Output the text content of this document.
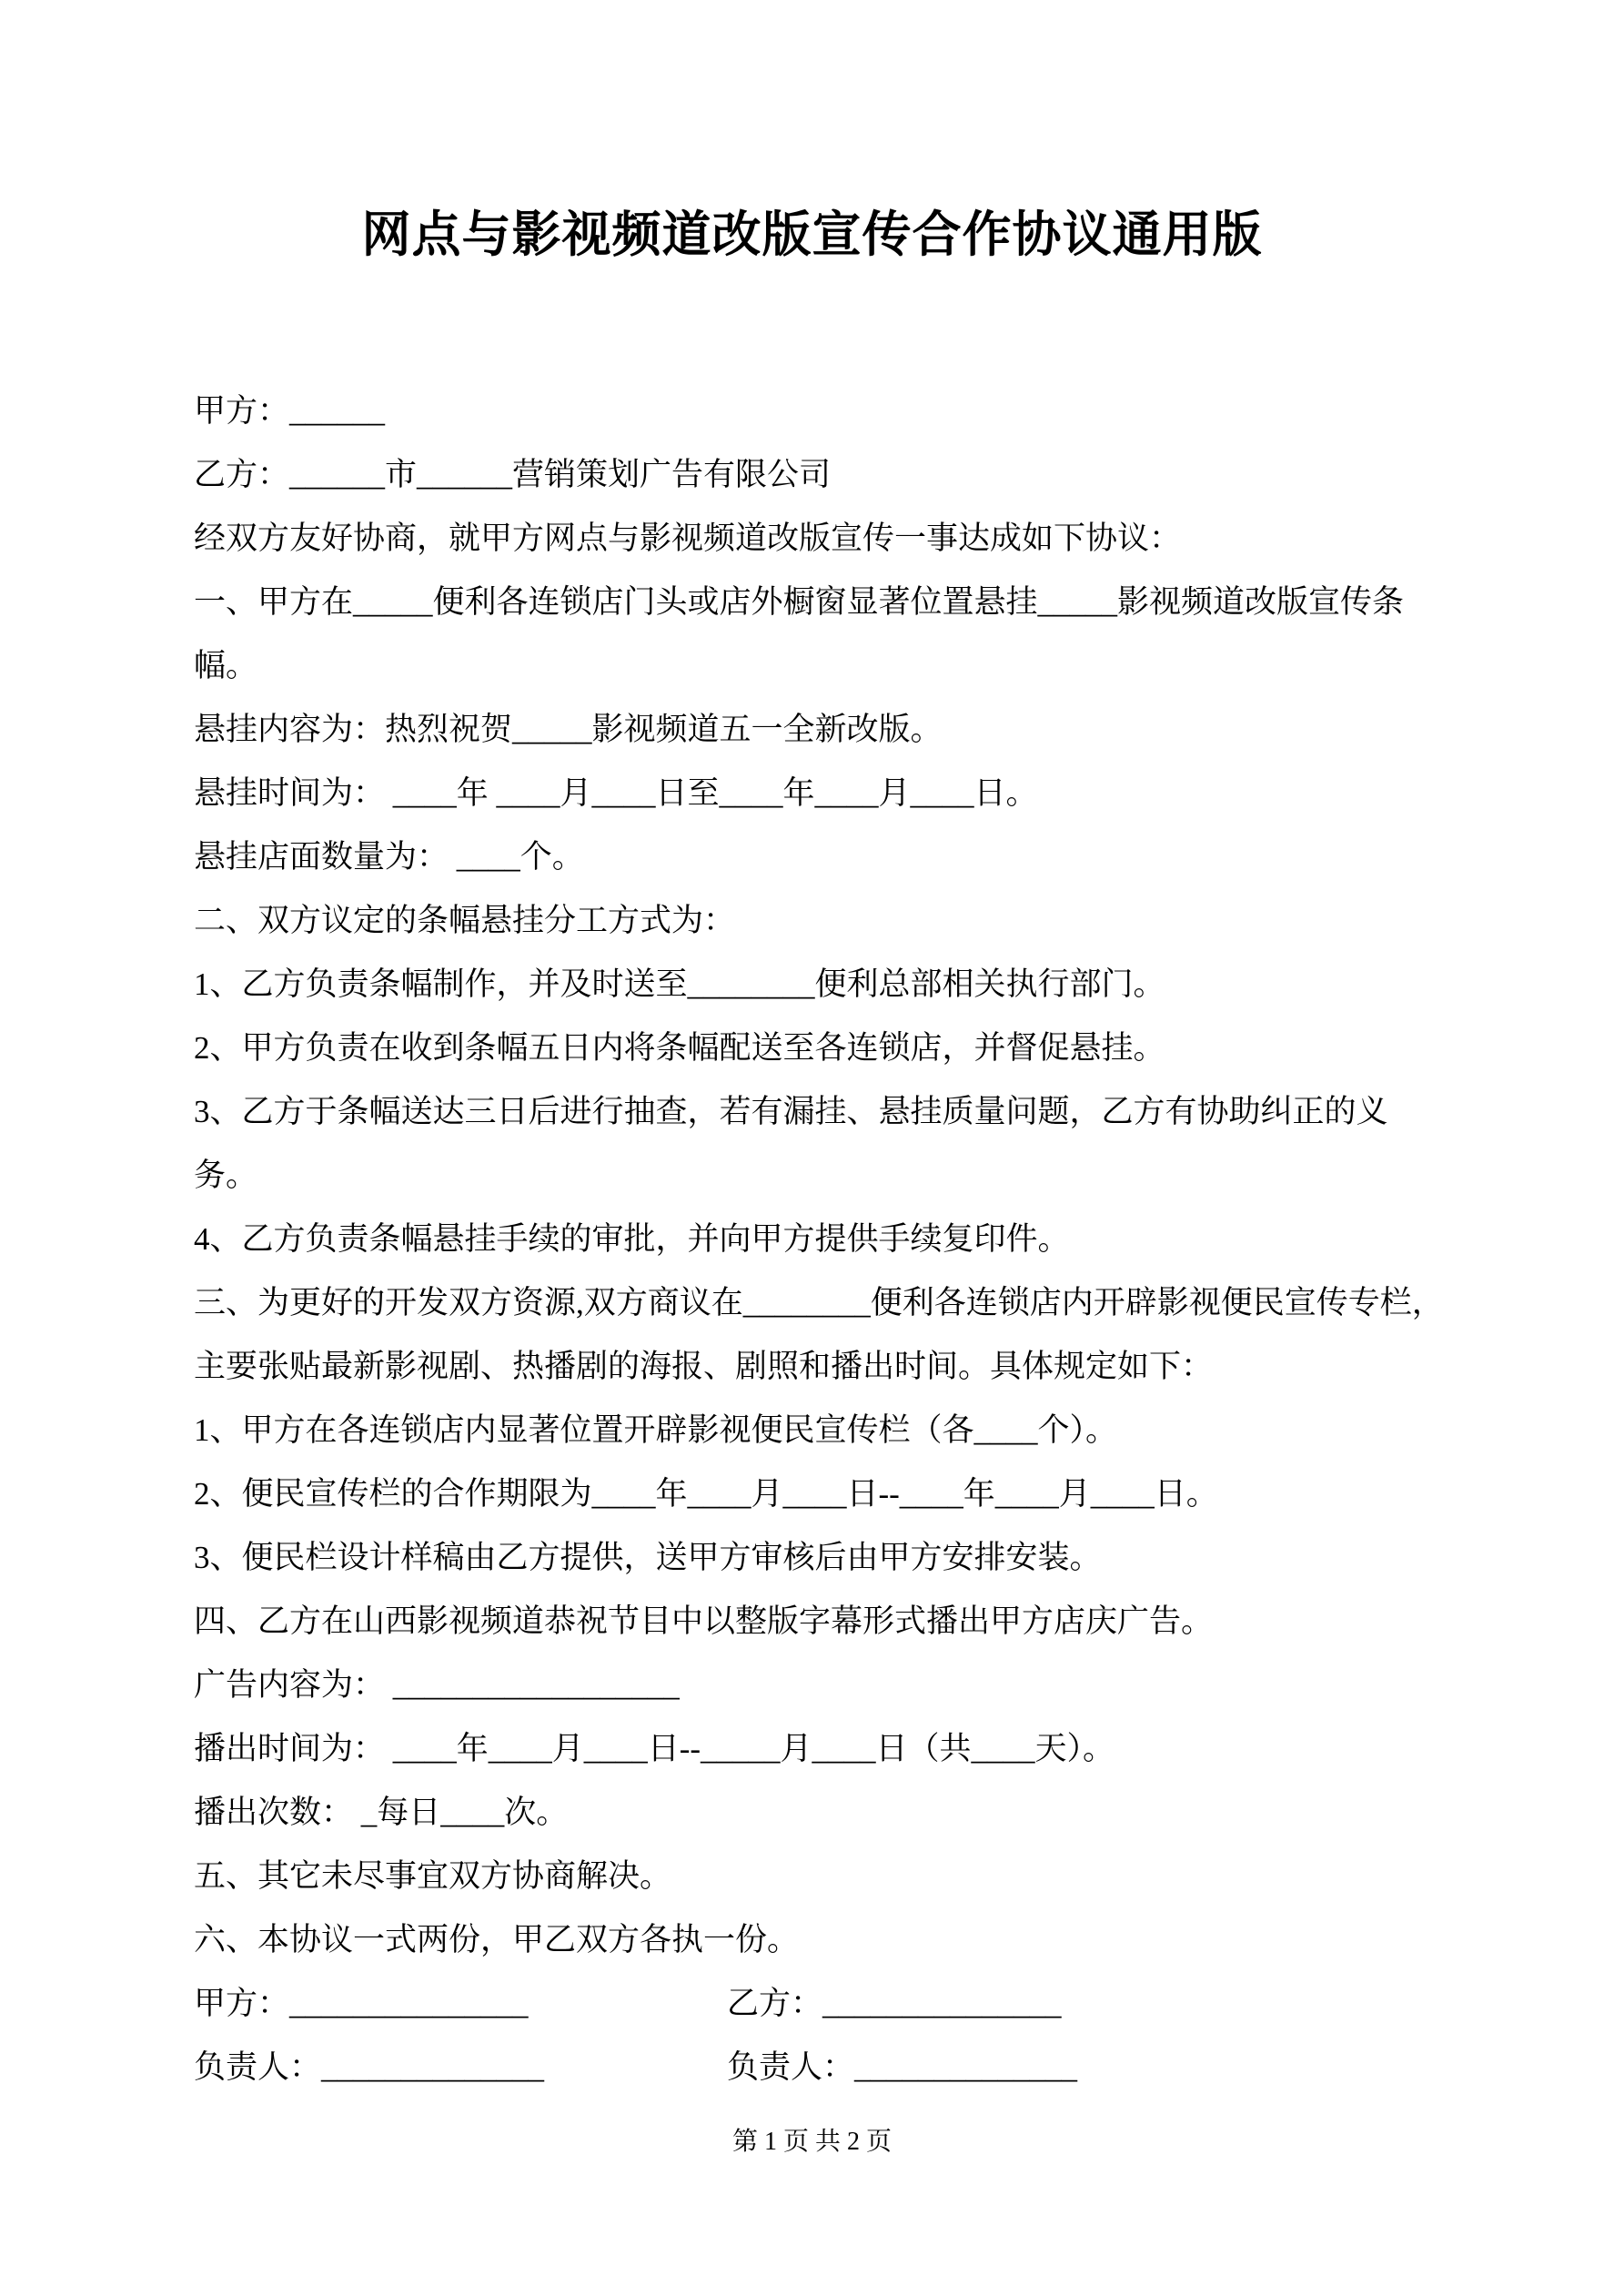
网点与影视频道改版宣传合作协议通用版
甲方：______
乙方：______市______营销策划广告有限公司
经双方友好协商，就甲方网点与影视频道改版宣传一事达成如下协议：
一、甲方在_____便利各连锁店门头或店外橱窗显著位置悬挂_____影视频道改版宣传条
幅。
悬挂内容为：热烈祝贺_____影视频道五一全新改版。
悬挂时间为： ____年 ____月____日至____年____月____日。
悬挂店面数量为： ____个。
二、双方议定的条幅悬挂分工方式为：
1、乙方负责条幅制作，并及时送至________便利总部相关执行部门。
2、甲方负责在收到条幅五日内将条幅配送至各连锁店，并督促悬挂。
3、乙方于条幅送达三日后进行抽查，若有漏挂、悬挂质量问题，乙方有协助纠正的义
务。
4、乙方负责条幅悬挂手续的审批，并向甲方提供手续复印件。
三、为更好的开发双方资源,双方商议在________便利各连锁店内开辟影视便民宣传专栏，
主要张贴最新影视剧、热播剧的海报、剧照和播出时间。具体规定如下：
1、甲方在各连锁店内显著位置开辟影视便民宣传栏（各____个）。
2、便民宣传栏的合作期限为____年____月____日--____年____月____日。
3、便民栏设计样稿由乙方提供，送甲方审核后由甲方安排安装。
四、乙方在山西影视频道恭祝节目中以整版字幕形式播出甲方店庆广告。
广告内容为： __________________
播出时间为： ____年____月____日--_____月____日（共____天）。
播出次数： _每日____次。
五、其它未尽事宜双方协商解决。
六、本协议一式两份，甲乙双方各执一份。
甲方：_______________	乙方：_______________
负责人：______________	负责人：______________
第 1 页 共 2 页
